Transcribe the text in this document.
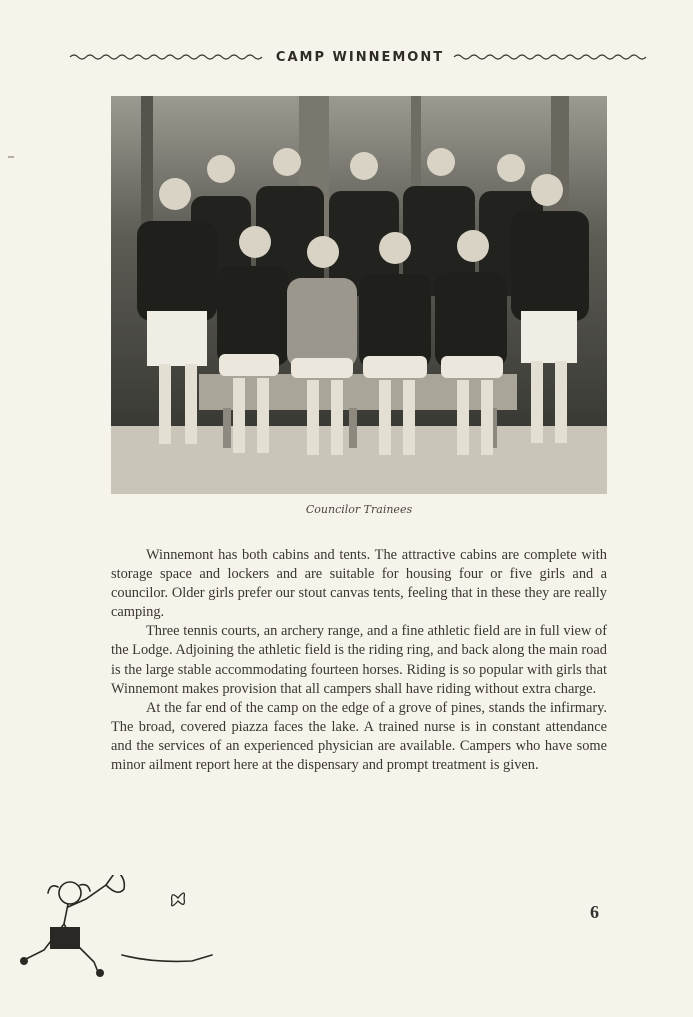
CAMP WINNEMONT
Councilor Trainees

Winnemont has both cabins and tents. The attractive cabins are complete with storage space and lockers and are suitable for housing four or five girls and a councilor. Older girls prefer our stout canvas tents, feeling that in these they are really camping.

Three tennis courts, an archery range, and a fine athletic field are in full view of the Lodge. Adjoining the athletic field is the riding ring, and back along the main road is the large stable accommodating fourteen horses. Riding is so popular with girls that Winnemont makes provision that all campers shall have riding without extra charge.

At the far end of the camp on the edge of a grove of pines, stands the infirmary. The broad, covered piazza faces the lake. A trained nurse is in constant attendance and the services of an experienced physician are available. Campers who have some minor ailment report here at the dispensary and prompt treatment is given.

6
